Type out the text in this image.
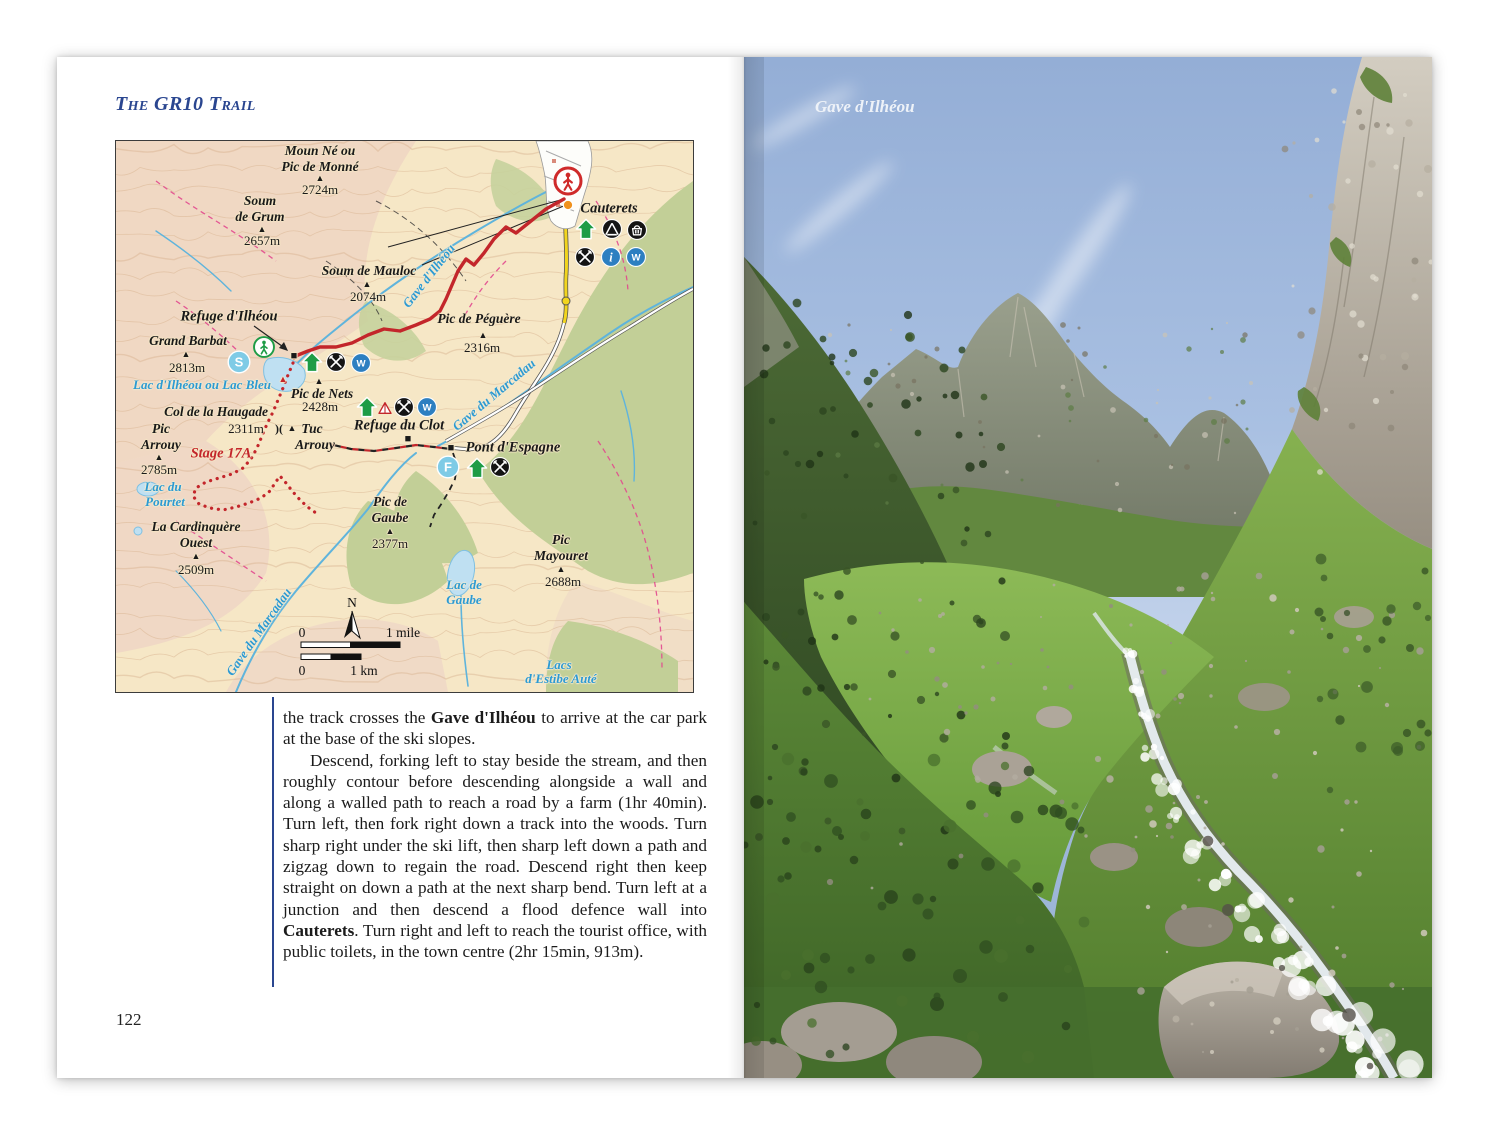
The GR10 Trail
N
0	1 mile
0	1 km
Moun Né ou
Pic de Monné
▲
2724m
Soum
de Grum
▲
2657m
Soum de Mauloc
▲
2074m
Refuge d'Ilhéou
Grand Barbat
▲
2813m
Lac d'Ilhéou ou Lac Bleu ▲	▲
Pic de Nets
2428m
Col de la Haugade
2311m )( ▲ Tuc
Arrouy
Pic
Arrouy
▲
2785m
Stage 17A
Lac du
Pourtet
La Cardinquère
Ouest
▲
2509m
Pic de
Gaube
▲
2377m	Pic
Mayouret
▲
2688m
Lac de
Gaube
Lacs
d'Estibe Auté
Pic de Péguère
▲
2316m
Cauterets
Refuge du Clot
Pont d'Espagne
■
■
■
Gave d'Ilhéou
Gave du Marcadau
Gave du Marcadau
i W
S	W
W
F

the track crosses the Gave d'Ilhéou to arrive at the car park at the base of the ski slopes.

Descend, forking left to stay beside the stream, and then roughly contour before descending alongside a wall and along a walled path to reach a road by a farm (1hr 40min). Turn left, then fork right down a track into the woods. Turn sharp right under the ski lift, then sharp left down a path and zigzag down to regain the road. Descend right then keep straight on down a path at the next sharp bend. Turn left at a junction and then descend a flood defence wall into Cauterets. Turn right and left to reach the tourist office, with public toilets, in the town centre (2hr 15min, 913m).

122
Gave d'Ilhéou
